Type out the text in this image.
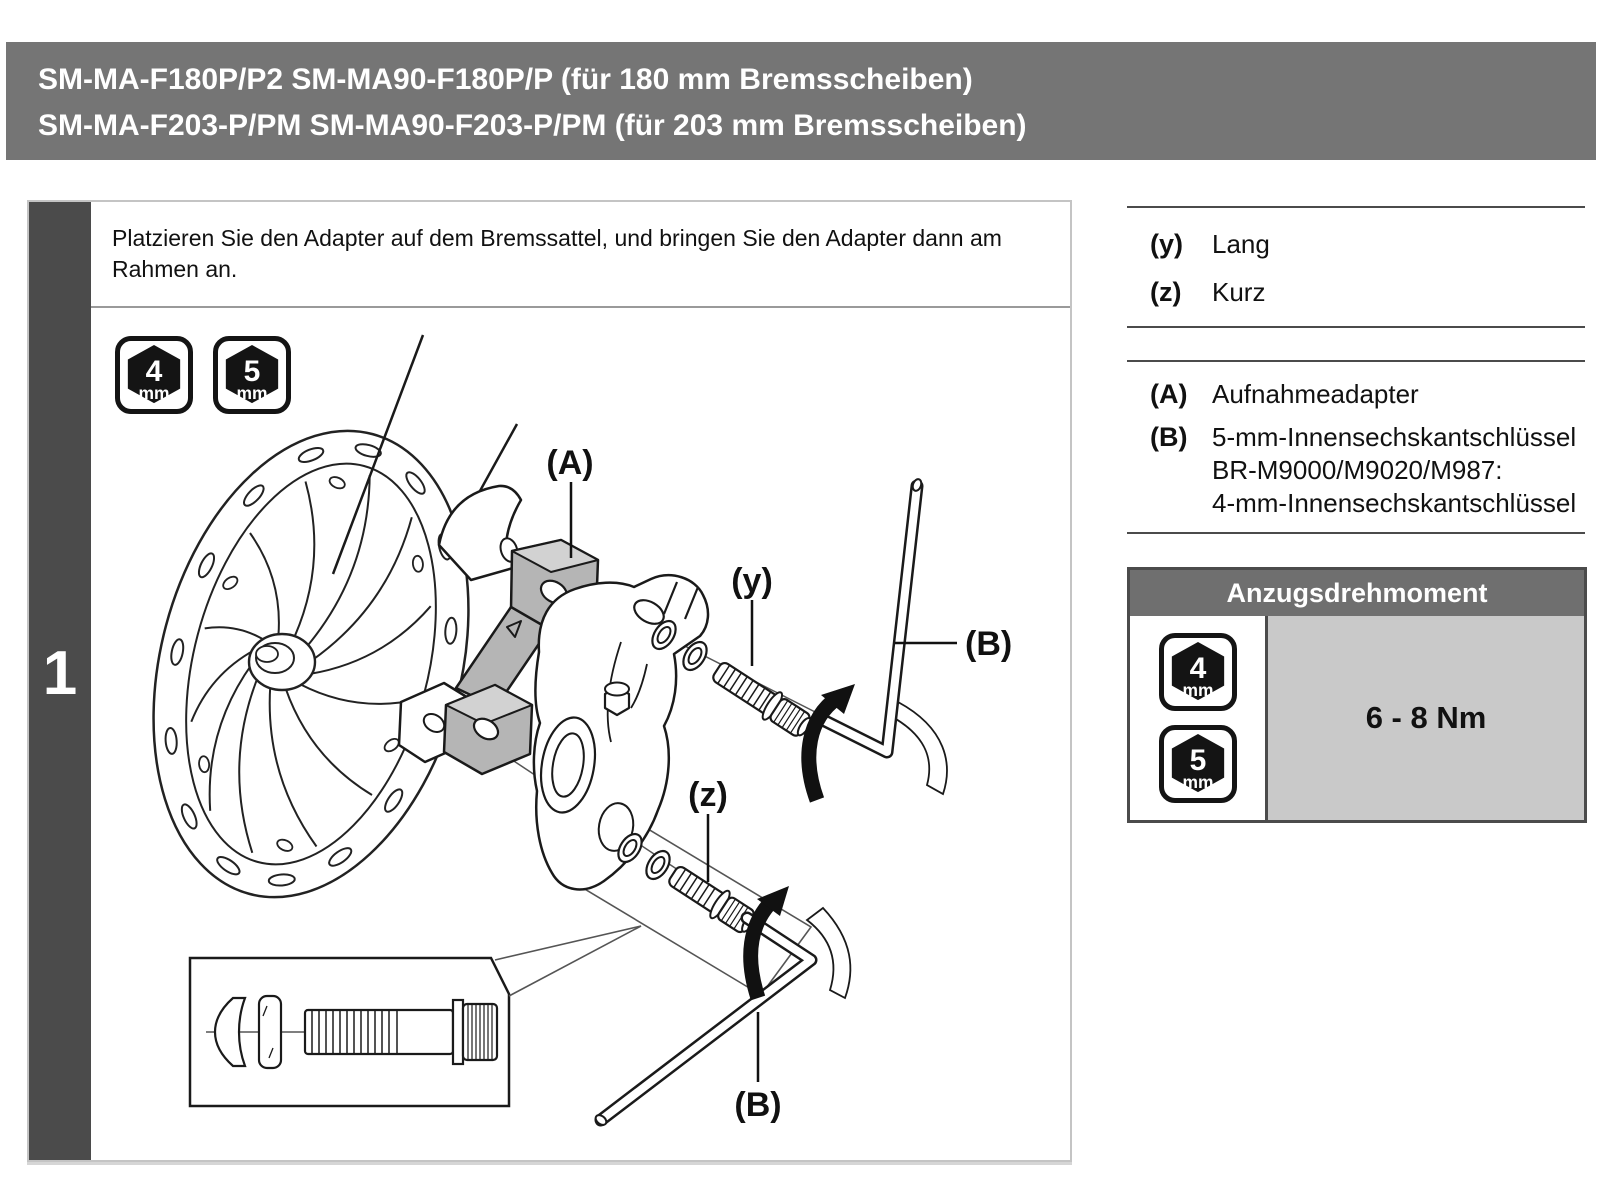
SM-MA-F180P/P2 SM-MA90-F180P/P (für 180 mm Bremsscheiben)
SM-MA-F203-P/PM SM-MA90-F203-P/PM (für 203 mm Bremsscheiben)
1
Platzieren Sie den Adapter auf dem Bremssattel, und bringen Sie den Adapter dann am Rahmen an.
4
mm
5
mm
(A)
(y)
(B)
(z)
(B)
(y)	Lang
(z)	Kurz
(A) Aufnahmeadapter
(B) 5-mm-Innensechskantschlüssel
BR-M9000/M9020/M987:
4-mm-Innensechskantschlüssel
Anzugsdrehmoment
4
mm
5
mm
6 - 8 Nm
